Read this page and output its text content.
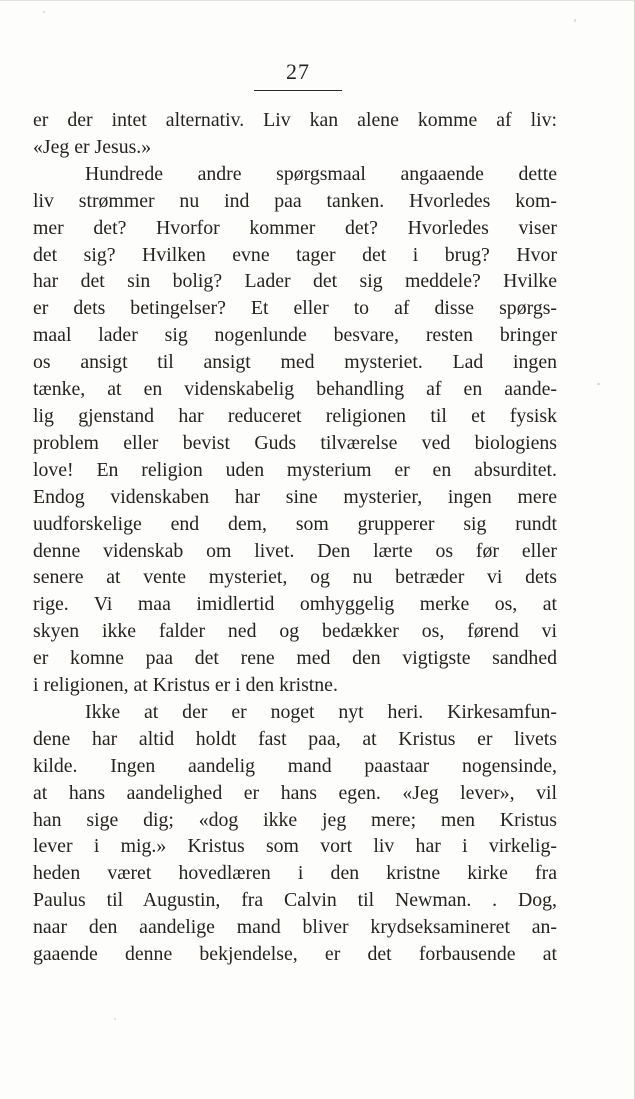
27
er der intet alternativ. Liv kan alene komme af liv:
«Jeg er Jesus.»
Hundrede andre spørgsmaal angaaende dette
liv strømmer nu ind paa tanken. Hvorledes kom-
mer det? Hvorfor kommer det? Hvorledes viser
det sig? Hvilken evne tager det i brug? Hvor
har det sin bolig? Lader det sig meddele? Hvilke
er dets betingelser? Et eller to af disse spørgs-
maal lader sig nogenlunde besvare, resten bringer
os ansigt til ansigt med mysteriet. Lad ingen
tænke, at en videnskabelig behandling af en aande-
lig gjenstand har reduceret religionen til et fysisk
problem eller bevist Guds tilværelse ved biologiens
love! En religion uden mysterium er en absurditet.
Endog videnskaben har sine mysterier, ingen mere
uudforskelige end dem, som grupperer sig rundt
denne videnskab om livet. Den lærte os før eller
senere at vente mysteriet, og nu betræder vi dets
rige. Vi maa imidlertid omhyggelig merke os, at
skyen ikke falder ned og bedækker os, førend vi
er komne paa det rene med den vigtigste sandhed
i religionen, at Kristus er i den kristne.
Ikke at der er noget nyt heri. Kirkesamfun-
dene har altid holdt fast paa, at Kristus er livets
kilde. Ingen aandelig mand paastaar nogensinde,
at hans aandelighed er hans egen. «Jeg lever», vil
han sige dig; «dog ikke jeg mere; men Kristus
lever i mig.» Kristus som vort liv har i virkelig-
heden været hovedlæren i den kristne kirke fra
Paulus til Augustin, fra Calvin til Newman. . Dog,
naar den aandelige mand bliver krydseksamineret an-
gaaende denne bekjendelse, er det forbausende at
